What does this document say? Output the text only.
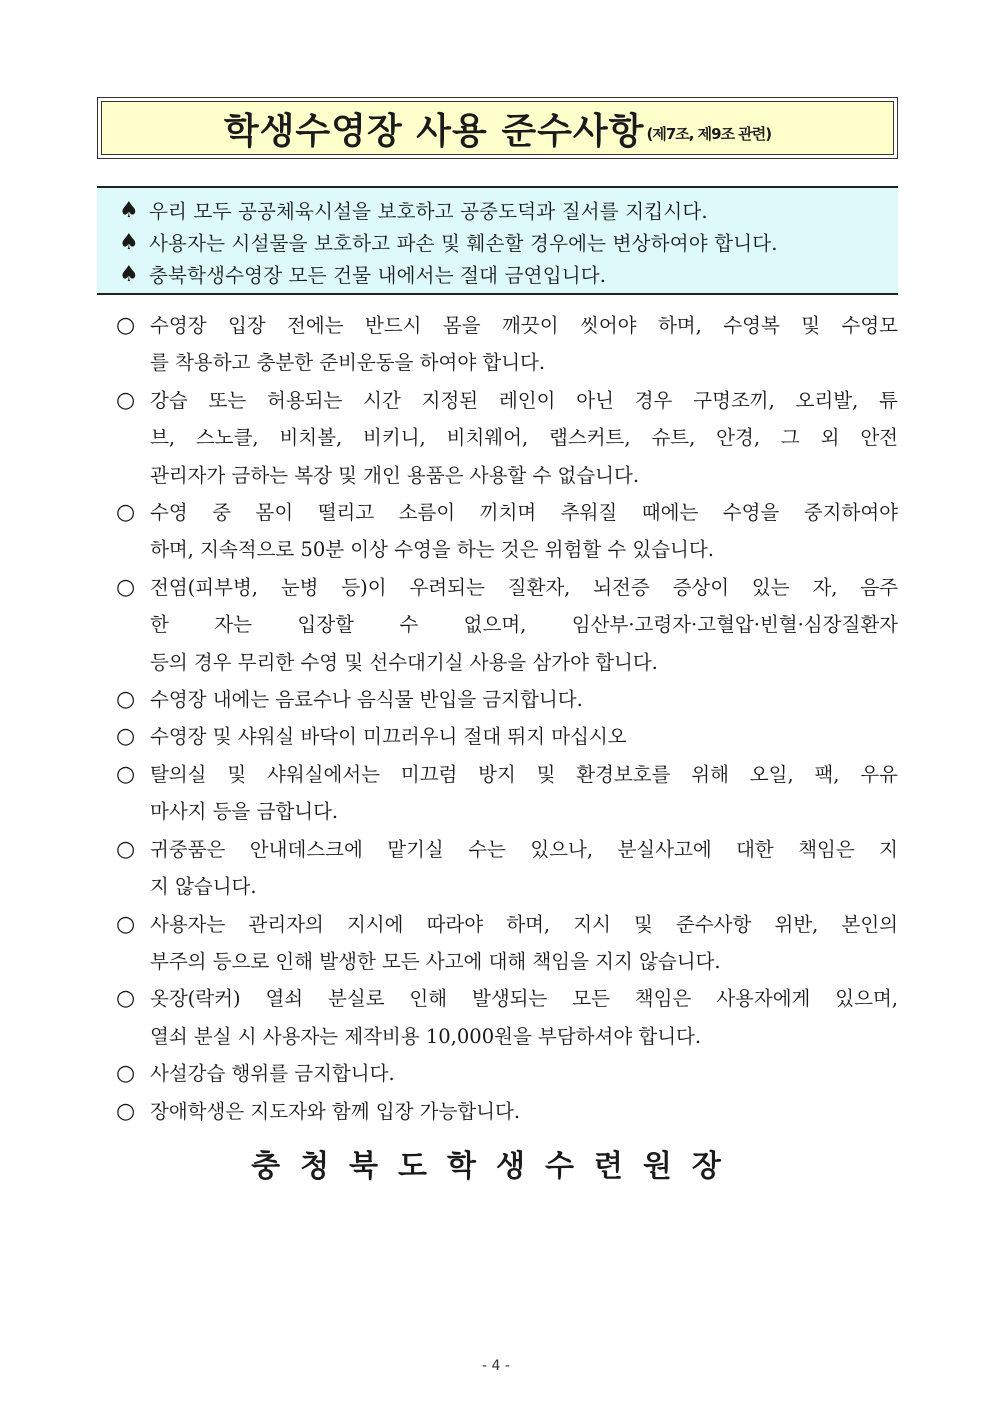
학생수영장 사용 준수사항 (제7조, 제9조 관련)
♠ 우리 모두 공공체육시설을 보호하고 공중도덕과 질서를 지킵시다.
♠ 사용자는 시설물을 보호하고 파손 및 훼손할 경우에는 변상하여야 합니다.
♠ 충북학생수영장 모든 건물 내에서는 절대 금연입니다.
○ 수영장 입장 전에는 반드시 몸을 깨끗이 씻어야 하며, 수영복 및 수영모
를 착용하고 충분한 준비운동을 하여야 합니다.
○ 강습 또는 허용되는 시간 지정된 레인이 아닌 경우 구명조끼, 오리발, 튜
브, 스노클, 비치볼, 비키니, 비치웨어, 랩스커트, 슈트, 안경, 그 외 안전
관리자가 금하는 복장 및 개인 용품은 사용할 수 없습니다.
○ 수영 중 몸이 떨리고 소름이 끼치며 추워질 때에는 수영을 중지하여야
하며, 지속적으로 50분 이상 수영을 하는 것은 위험할 수 있습니다.
○ 전염(피부병, 눈병 등)이 우려되는 질환자, 뇌전증 증상이 있는 자, 음주
한 자는 입장할 수 없으며, 임산부·고령자·고혈압·빈혈·심장질환자
등의 경우 무리한 수영 및 선수대기실 사용을 삼가야 합니다.
○ 수영장 내에는 음료수나 음식물 반입을 금지합니다.
○ 수영장 및 샤워실 바닥이 미끄러우니 절대 뛰지 마십시오
○ 탈의실 및 샤워실에서는 미끄럼 방지 및 환경보호를 위해 오일, 팩, 우유
마사지 등을 금합니다.
○ 귀중품은 안내데스크에 맡기실 수는 있으나, 분실사고에 대한 책임은 지
지 않습니다.
○ 사용자는 관리자의 지시에 따라야 하며, 지시 및 준수사항 위반, 본인의
부주의 등으로 인해 발생한 모든 사고에 대해 책임을 지지 않습니다.
○ 옷장(락커) 열쇠 분실로 인해 발생되는 모든 책임은 사용자에게 있으며,
열쇠 분실 시 사용자는 제작비용 10,000원을 부담하셔야 합니다.
○ 사설강습 행위를 금지합니다.
○ 장애학생은 지도자와 함께 입장 가능합니다.
충청북도학생수련원장
- 4 -
